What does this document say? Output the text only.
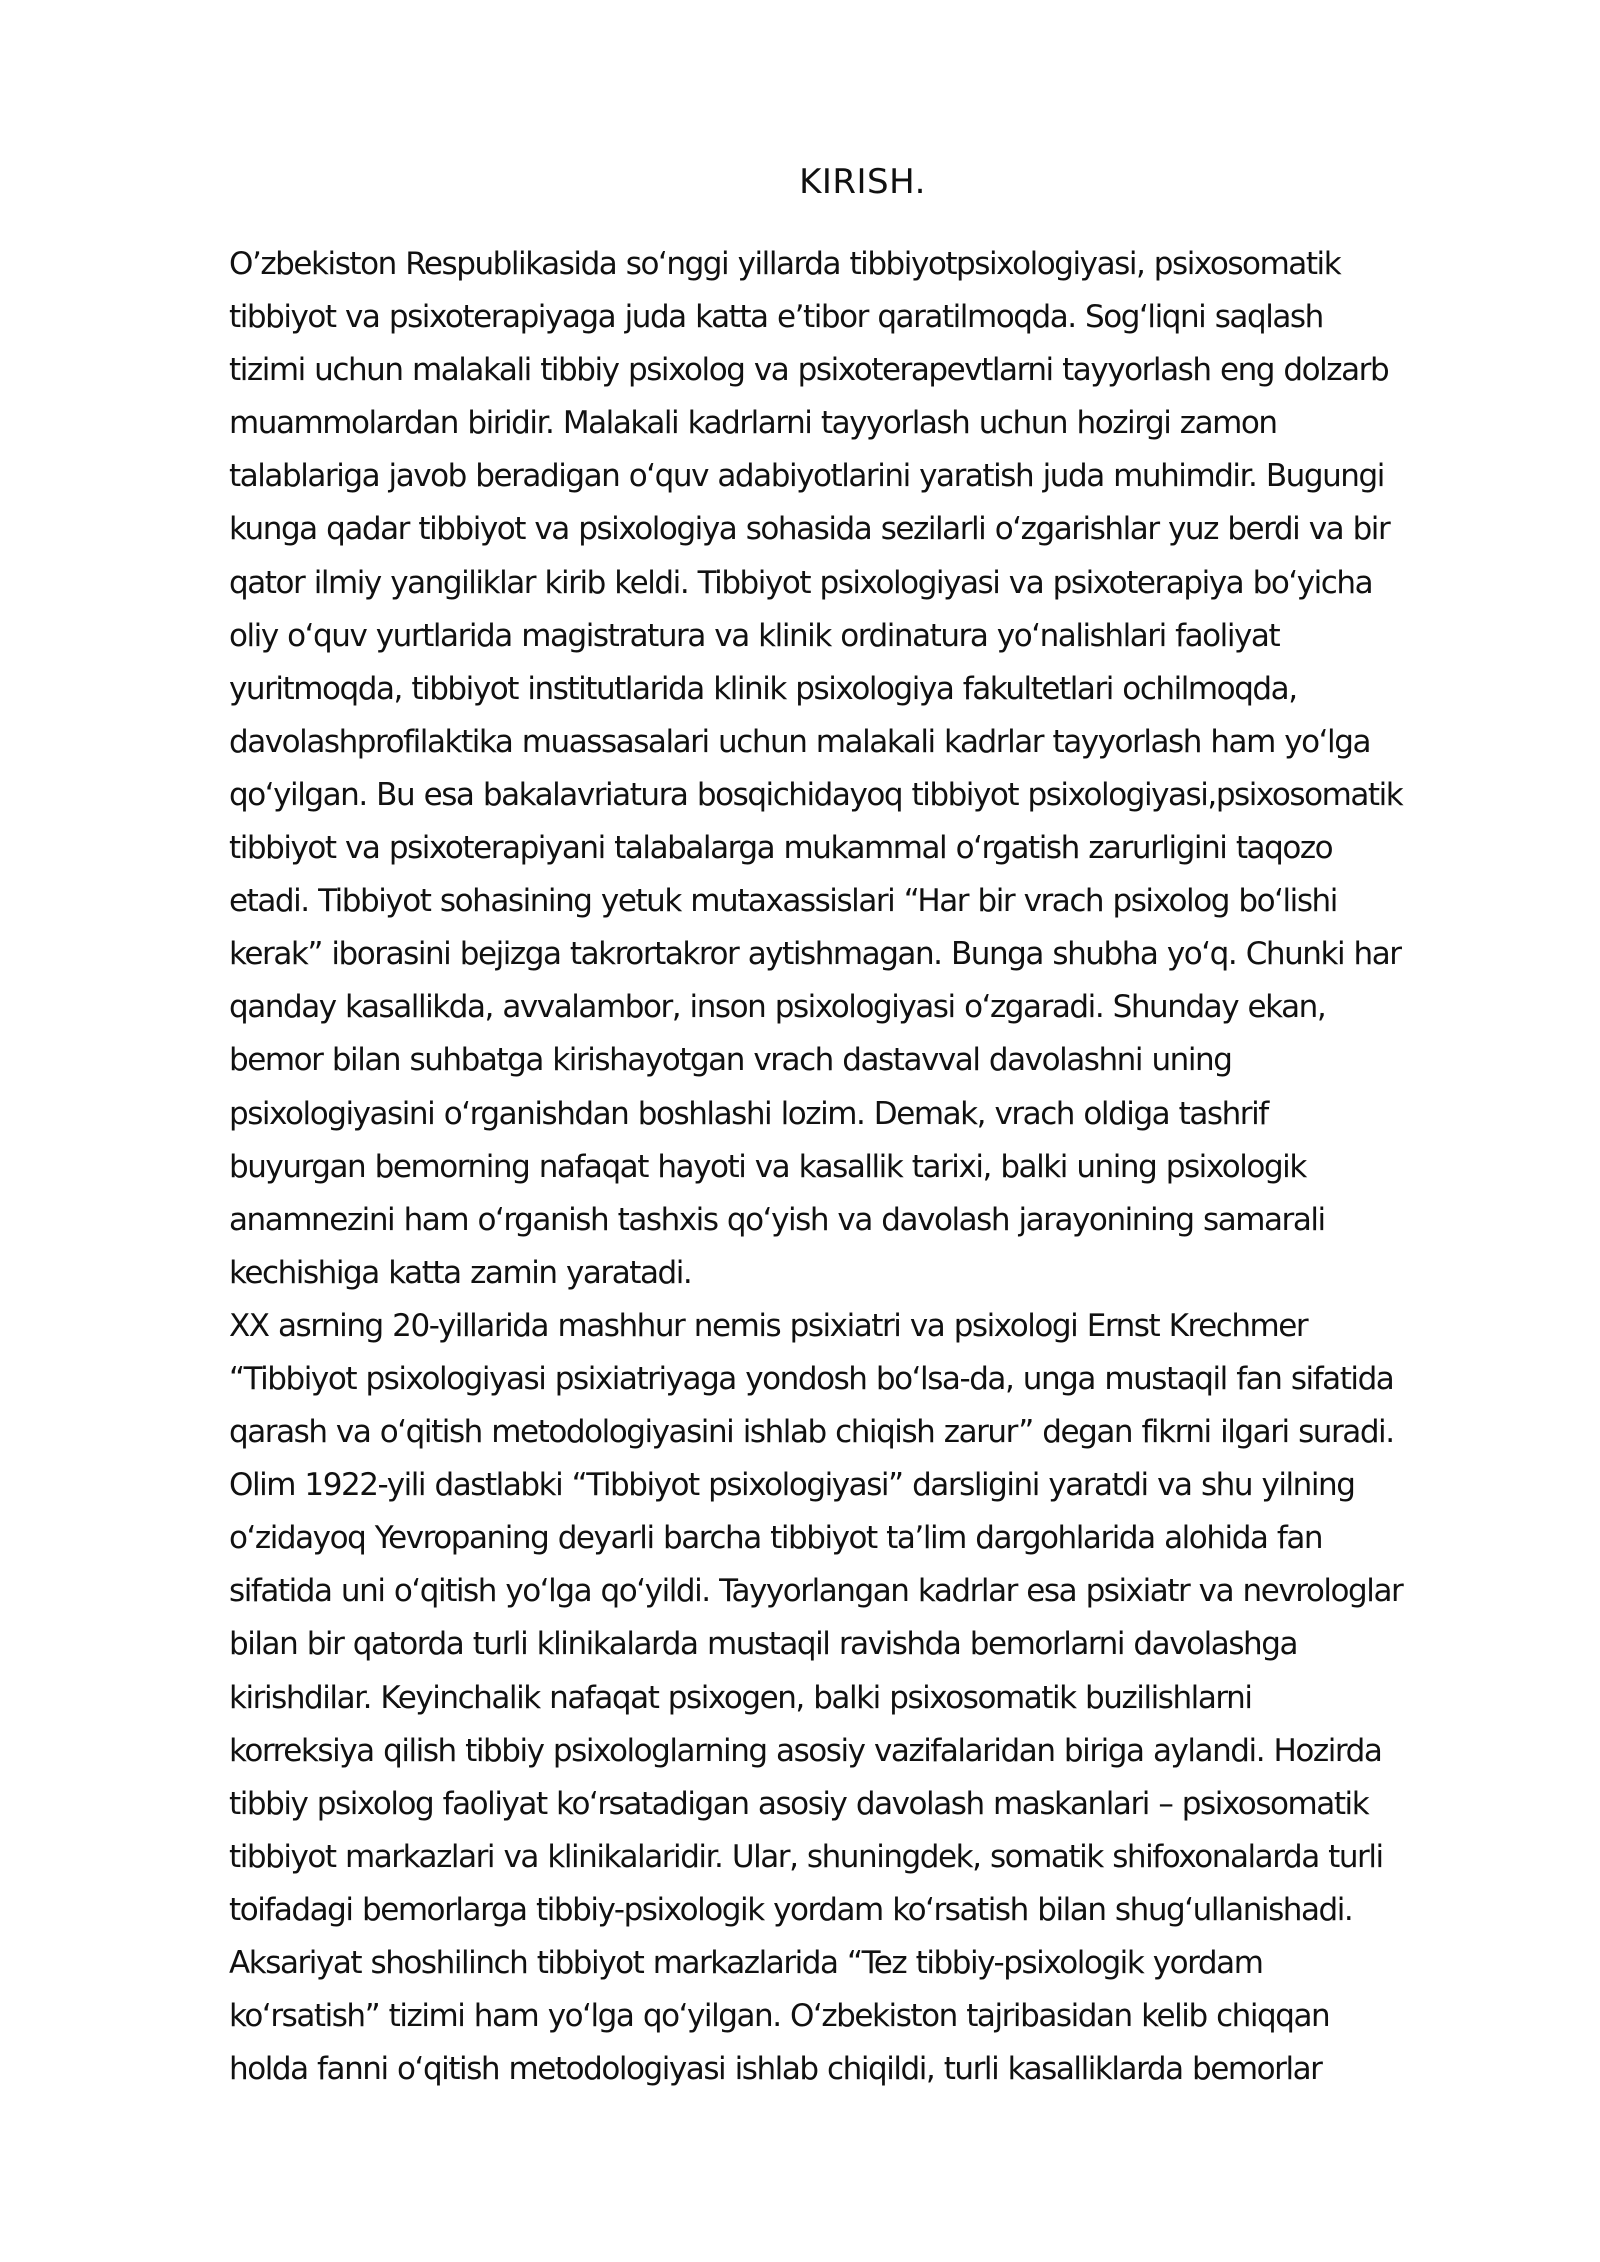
KIRISH.
O’zbekiston Respublikasida soʻnggi yillarda tibbiyotpsixologiyasi, psixosomatik
tibbiyot va psixoterapiyaga juda katta e’tibor qaratilmoqda. Sogʻliqni saqlash
tizimi uchun malakali tibbiy psixolog va psixoterapevtlarni tayyorlash eng dolzarb
muammolardan biridir. Malakali kadrlarni tayyorlash uchun hozirgi zamon
talablariga javob beradigan oʻquv adabiyotlarini yaratish juda muhimdir. Bugungi
kunga qadar tibbiyot va psixologiya sohasida sezilarli oʻzgarishlar yuz berdi va bir
qator ilmiy yangiliklar kirib keldi. Tibbiyot psixologiyasi va psixoterapiya boʻyicha
oliy oʻquv yurtlarida magistratura va klinik ordinatura yoʻnalishlari faoliyat
yuritmoqda, tibbiyot institutlarida klinik psixologiya fakultetlari ochilmoqda,
davolashprofilaktika muassasalari uchun malakali kadrlar tayyorlash ham yoʻlga
qoʻyilgan. Bu esa bakalavriatura bosqichidayoq tibbiyot psixologiyasi,psixosomatik
tibbiyot va psixoterapiyani talabalarga mukammal oʻrgatish zarurligini taqozo
etadi. Tibbiyot sohasining yetuk mutaxassislari “Har bir vrach psixolog boʻlishi
kerak” iborasini bejizga takrortakror aytishmagan. Bunga shubha yoʻq. Chunki har
qanday kasallikda, avvalambor, inson psixologiyasi oʻzgaradi. Shunday ekan,
bemor bilan suhbatga kirishayotgan vrach dastavval davolashni uning
psixologiyasini oʻrganishdan boshlashi lozim. Demak, vrach oldiga tashrif
buyurgan bemorning nafaqat hayoti va kasallik tarixi, balki uning psixologik
anamnezini ham oʻrganish tashxis qoʻyish va davolash jarayonining samarali
kechishiga katta zamin yaratadi.
XX asrning 20-yillarida mashhur nemis psixiatri va psixologi Ernst Krechmer
“Tibbiyot psixologiyasi psixiatriyaga yondosh boʻlsa-da, unga mustaqil fan sifatida
qarash va oʻqitish metodologiyasini ishlab chiqish zarur” degan fikrni ilgari suradi.
Olim 1922-yili dastlabki “Tibbiyot psixologiyasi” darsligini yaratdi va shu yilning
oʻzidayoq Yevropaning deyarli barcha tibbiyot ta’lim dargohlarida alohida fan
sifatida uni oʻqitish yoʻlga qoʻyildi. Tayyorlangan kadrlar esa psixiatr va nevrologlar
bilan bir qatorda turli klinikalarda mustaqil ravishda bemorlarni davolashga
kirishdilar. Keyinchalik nafaqat psixogen, balki psixosomatik buzilishlarni
korreksiya qilish tibbiy psixologlarning asosiy vazifalaridan biriga aylandi. Hozirda
tibbiy psixolog faoliyat koʻrsatadigan asosiy davolash maskanlari – psixosomatik
tibbiyot markazlari va klinikalaridir. Ular, shuningdek, somatik shifoxonalarda turli
toifadagi bemorlarga tibbiy-psixologik yordam koʻrsatish bilan shugʻullanishadi.
Aksariyat shoshilinch tibbiyot markazlarida “Tez tibbiy-psixologik yordam
koʻrsatish” tizimi ham yoʻlga qoʻyilgan. Oʻzbekiston tajribasidan kelib chiqqan
holda fanni oʻqitish metodologiyasi ishlab chiqildi, turli kasalliklarda bemorlar
